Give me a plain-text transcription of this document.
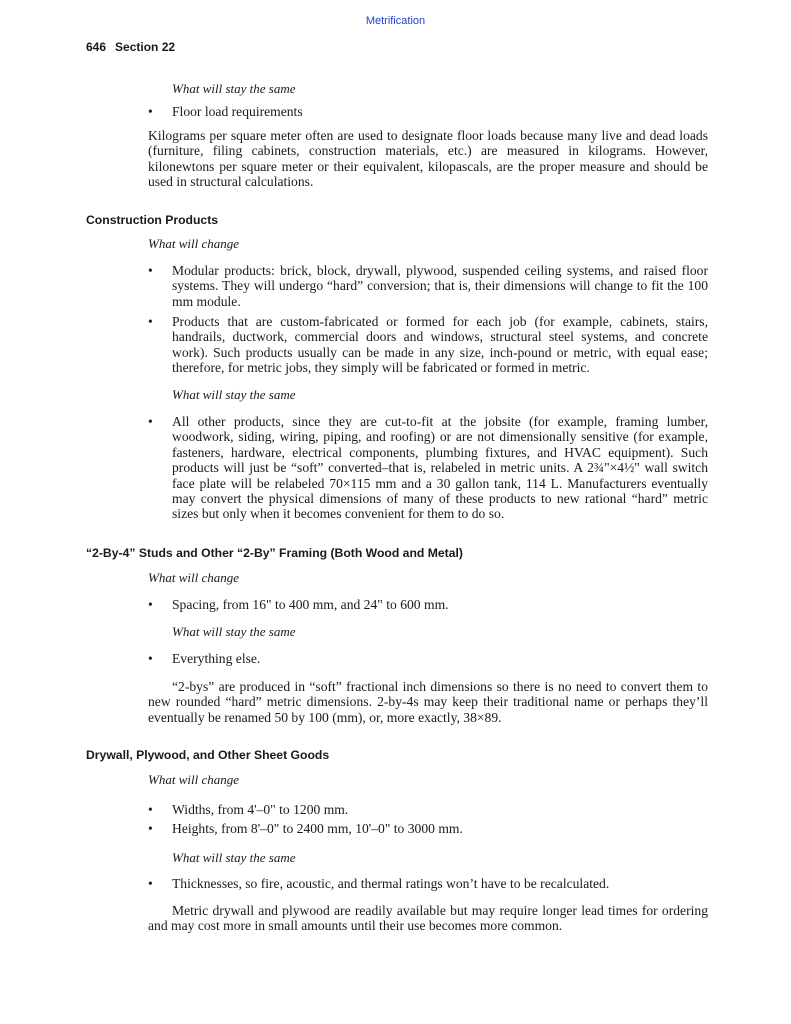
Metrification
646 Section 22
What will stay the same
• Floor load requirements
Kilograms per square meter often are used to designate floor loads because many live and dead loads (furniture, filing cabinets, construction materials, etc.) are measured in kilograms. However, kilonewtons per square meter or their equivalent, kilopascals, are the proper measure and should be used in structural calculations.
Construction Products
What will change
• Modular products: brick, block, drywall, plywood, suspended ceiling systems, and raised floor systems. They will undergo “hard” conversion; that is, their dimensions will change to fit the 100 mm module.
• Products that are custom-fabricated or formed for each job (for example, cabinets, stairs, handrails, ductwork, commercial doors and windows, structural steel systems, and concrete work). Such products usually can be made in any size, inch-pound or metric, with equal ease; therefore, for metric jobs, they simply will be fabricated or formed in metric.
What will stay the same
• All other products, since they are cut-to-fit at the jobsite (for example, framing lumber, woodwork, siding, wiring, piping, and roofing) or are not dimensionally sensitive (for example, fasteners, hardware, electrical components, plumbing fixtures, and HVAC equipment). Such products will just be “soft” converted–that is, relabeled in metric units. A 2¾"×4½" wall switch face plate will be relabeled 70×115 mm and a 30 gallon tank, 114 L. Manufacturers eventually may convert the physical dimensions of many of these products to new rational “hard” metric sizes but only when it becomes convenient for them to do so.
“2-By-4” Studs and Other “2-By” Framing (Both Wood and Metal)
What will change
• Spacing, from 16" to 400 mm, and 24" to 600 mm.
What will stay the same
• Everything else.
“2-bys” are produced in “soft” fractional inch dimensions so there is no need to convert them to new rounded “hard” metric dimensions. 2-by-4s may keep their traditional name or perhaps they’ll eventually be renamed 50 by 100 (mm), or, more exactly, 38×89.
Drywall, Plywood, and Other Sheet Goods
What will change
• Widths, from 4'–0" to 1200 mm.
• Heights, from 8'–0" to 2400 mm, 10'–0" to 3000 mm.
What will stay the same
• Thicknesses, so fire, acoustic, and thermal ratings won’t have to be recalculated.
Metric drywall and plywood are readily available but may require longer lead times for ordering and may cost more in small amounts until their use becomes more common.
